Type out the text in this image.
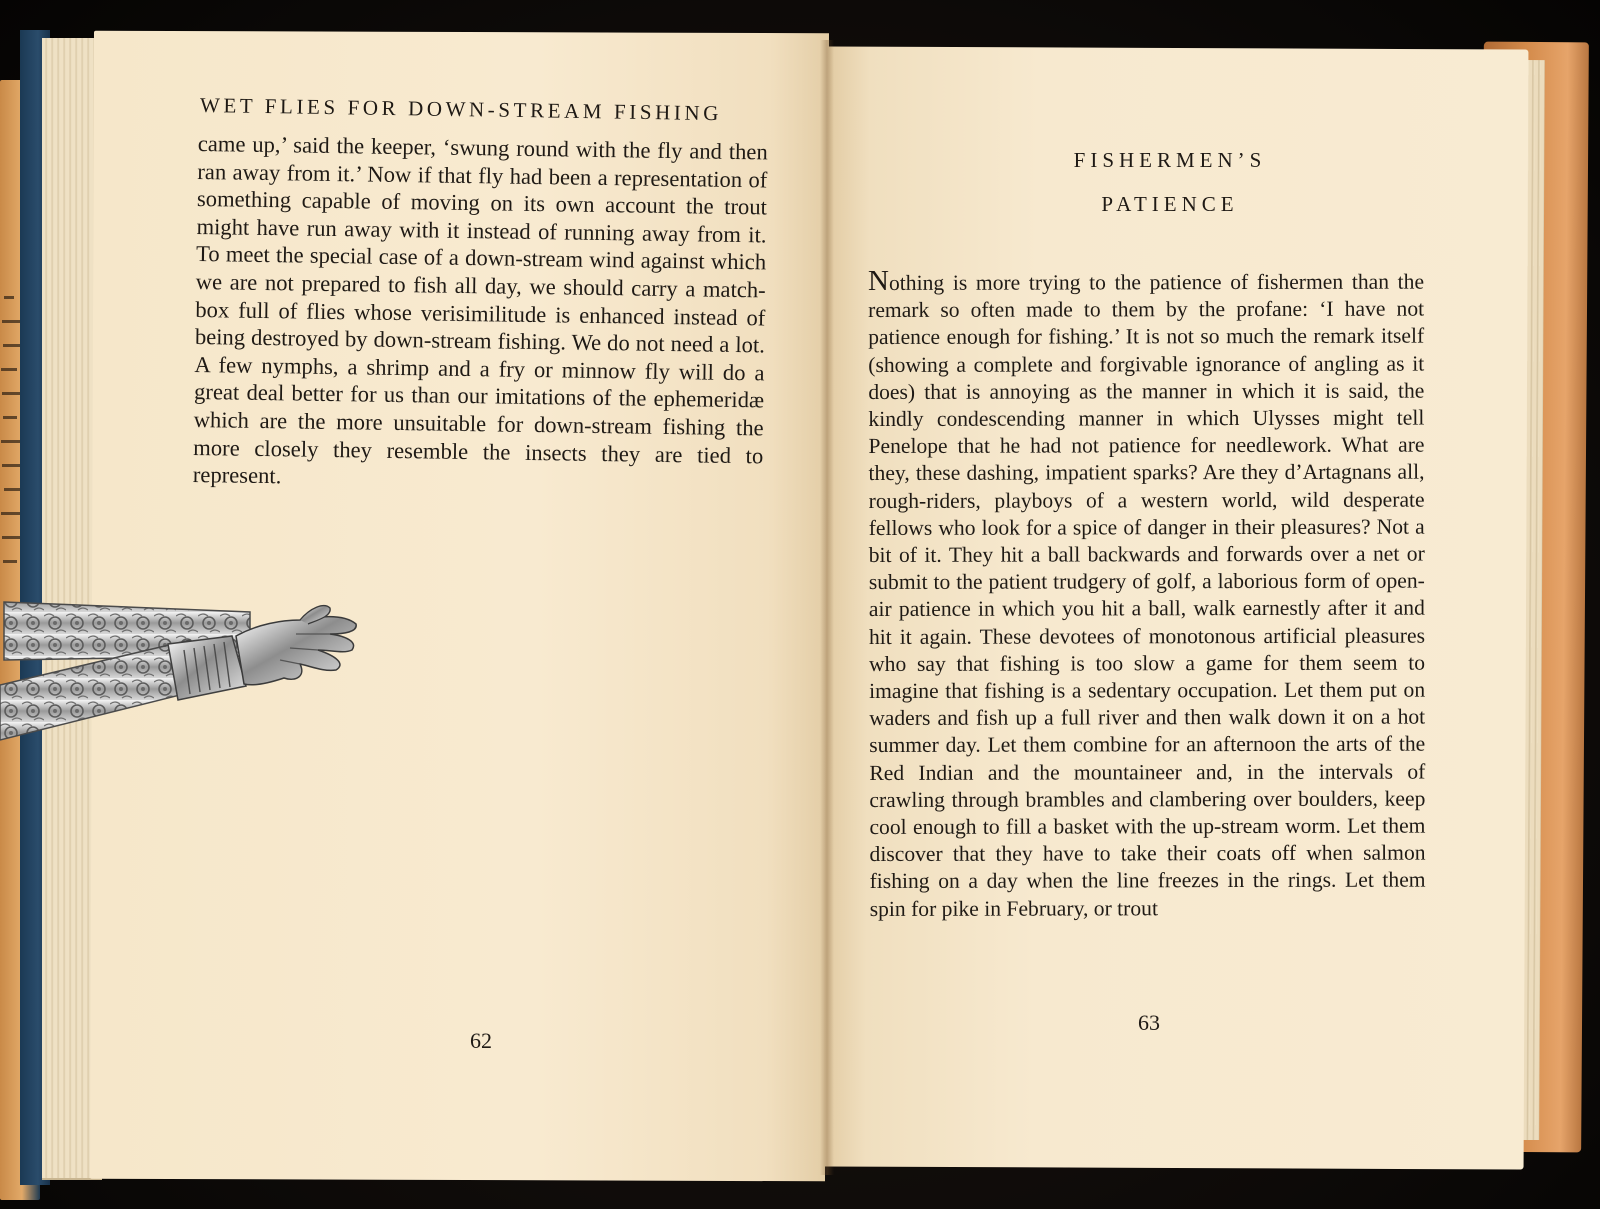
WET FLIES FOR DOWN-STREAM FISHING

came up,’ said the keeper, ‘swung round with the fly and then ran away from it.’ Now if that fly had been a representation of something capable of moving on its own account the trout might have run away with it instead of running away from it. To meet the special case of a down-stream wind against which we are not prepared to fish all day, we should carry a match-box full of flies whose verisimilitude is enhanced instead of being destroyed by down-stream fishing. We do not need a lot. A few nymphs, a shrimp and a fry or minnow fly will do a great deal better for us than our imitations of the ephemeridæ which are the more unsuitable for down-stream fishing the more closely they resemble the insects they are tied to represent.

62
FISHERMEN’S
PATIENCE

Nothing is more trying to the patience of fishermen than the remark so often made to them by the profane: ‘I have not patience enough for fishing.’ It is not so much the remark itself (showing a complete and forgivable ignorance of angling as it does) that is annoying as the manner in which it is said, the kindly condescending manner in which Ulysses might tell Penelope that he had not patience for needlework. What are they, these dashing, impatient sparks? Are they d’Artagnans all, rough-riders, playboys of a western world, wild desperate fellows who look for a spice of danger in their pleasures? Not a bit of it. They hit a ball backwards and forwards over a net or submit to the patient trudgery of golf, a laborious form of open-air patience in which you hit a ball, walk earnestly after it and hit it again. These devotees of monotonous artificial pleasures who say that fishing is too slow a game for them seem to imagine that fishing is a sedentary occupation. Let them put on waders and fish up a full river and then walk down it on a hot summer day. Let them combine for an afternoon the arts of the Red Indian and the mountaineer and, in the intervals of crawling through brambles and clambering over boulders, keep cool enough to fill a basket with the up-stream worm. Let them discover that they have to take their coats off when salmon fishing on a day when the line freezes in the rings. Let them spin for pike in February, or trout

63
